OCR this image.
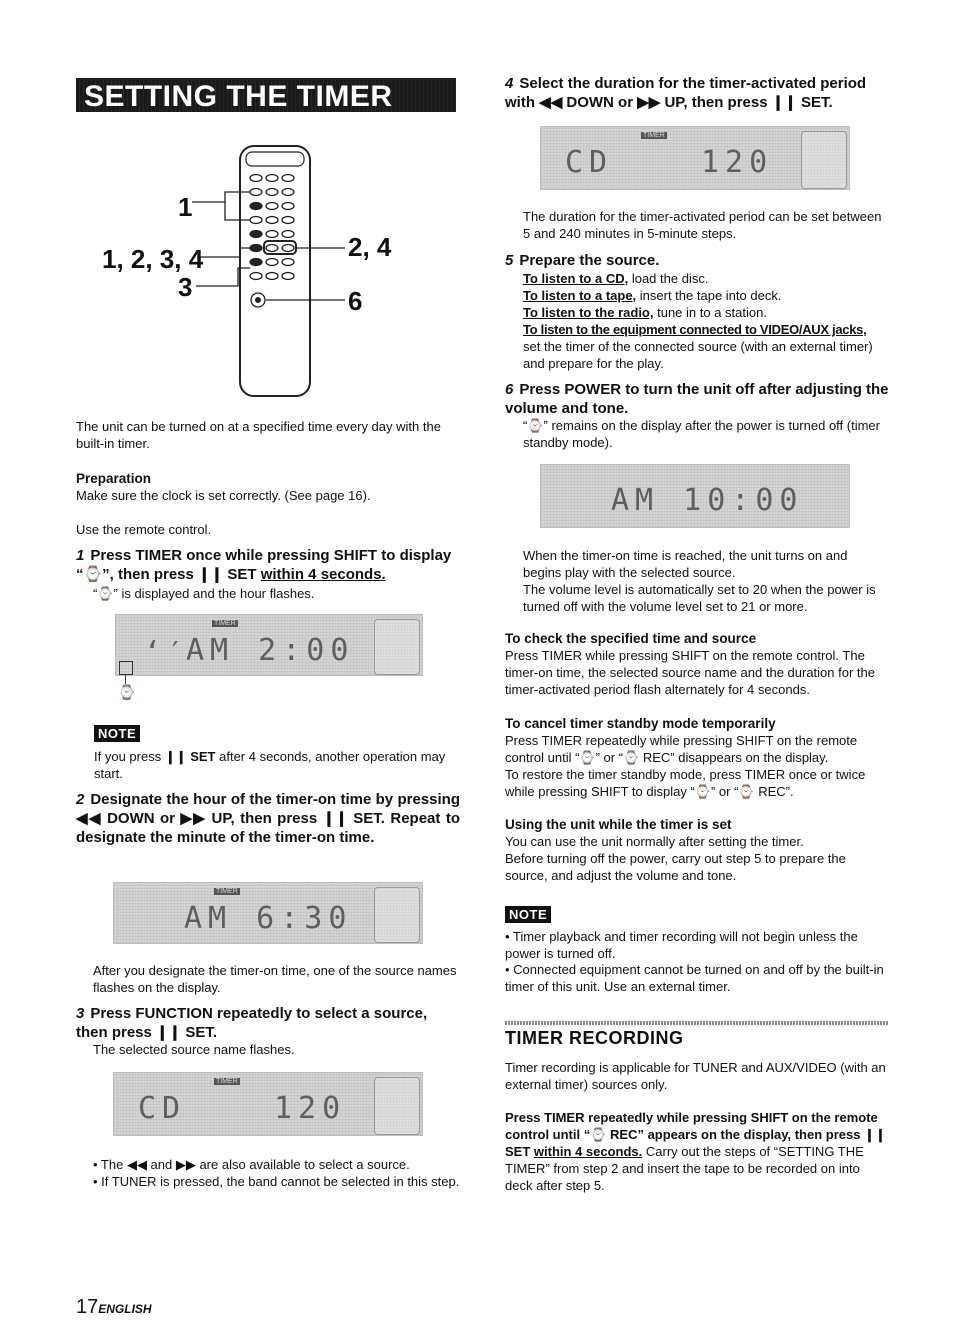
SETTING THE TIMER
1
1, 2, 3, 4
3
2, 4
6

The unit can be turned on at a specified time every day with the built-in timer.

Preparation

Make sure the clock is set correctly. (See page 16).

Use the remote control.

1 Press TIMER once while pressing SHIFT to display “⌚”, then press ❙❙ SET within 4 seconds.

“⌚” is displayed and the hour flashes.

TIMER
‘′
AM 2:00
⌚
NOTE

If you press ❙❙ SET after 4 seconds, another operation may start.

2 Designate the hour of the timer-on time by pressing ◀◀ DOWN or ▶▶ UP, then press ❙❙ SET. Repeat to designate the minute of the timer-on time.
TIMER
AM 6:30

After you designate the timer-on time, one of the source names flashes on the display.

3 Press FUNCTION repeatedly to select a source, then press ❙❙ SET.

The selected source name flashes.

TIMER
CD	120

• The ◀◀ and ▶▶ are also available to select a source.

• If TUNER is pressed, the band cannot be selected in this step.

17ENGLISH
4 Select the duration for the timer-activated period with ◀◀ DOWN or ▶▶ UP, then press ❙❙ SET.
TIMER
CD	120

The duration for the timer-activated period can be set between 5 and 240 minutes in 5-minute steps.

5 Prepare the source.

To listen to a CD, load the disc.

To listen to a tape, insert the tape into deck.

To listen to the radio, tune in to a station.

To listen to the equipment connected to VIDEO/AUX jacks,

set the timer of the connected source (with an external timer) and prepare for the play.

6 Press POWER to turn the unit off after adjusting the volume and tone.

“⌚” remains on the display after the power is turned off (timer standby mode).

AM 10:00

When the timer-on time is reached, the unit turns on and begins play with the selected source.

The volume level is automatically set to 20 when the power is turned off with the volume level set to 21 or more.

To check the specified time and source

Press TIMER while pressing SHIFT on the remote control. The timer-on time, the selected source name and the duration for the timer-activated period flash alternately for 4 seconds.

To cancel timer standby mode temporarily

Press TIMER repeatedly while pressing SHIFT on the remote control until “⌚” or “⌚ REC” disappears on the display.

To restore the timer standby mode, press TIMER once or twice while pressing SHIFT to display “⌚” or “⌚ REC”.

Using the unit while the timer is set

You can use the unit normally after setting the timer.

Before turning off the power, carry out step 5 to prepare the source, and adjust the volume and tone.

NOTE

• Timer playback and timer recording will not begin unless the power is turned off.

• Connected equipment cannot be turned on and off by the built-in timer of this unit. Use an external timer.

TIMER RECORDING

Timer recording is applicable for TUNER and AUX/VIDEO (with an external timer) sources only.

Press TIMER repeatedly while pressing SHIFT on the remote control until “⌚ REC” appears on the display, then press ❙❙ SET within 4 seconds. Carry out the steps of “SETTING THE TIMER” from step 2 and insert the tape to be recorded on into deck after step 5.
